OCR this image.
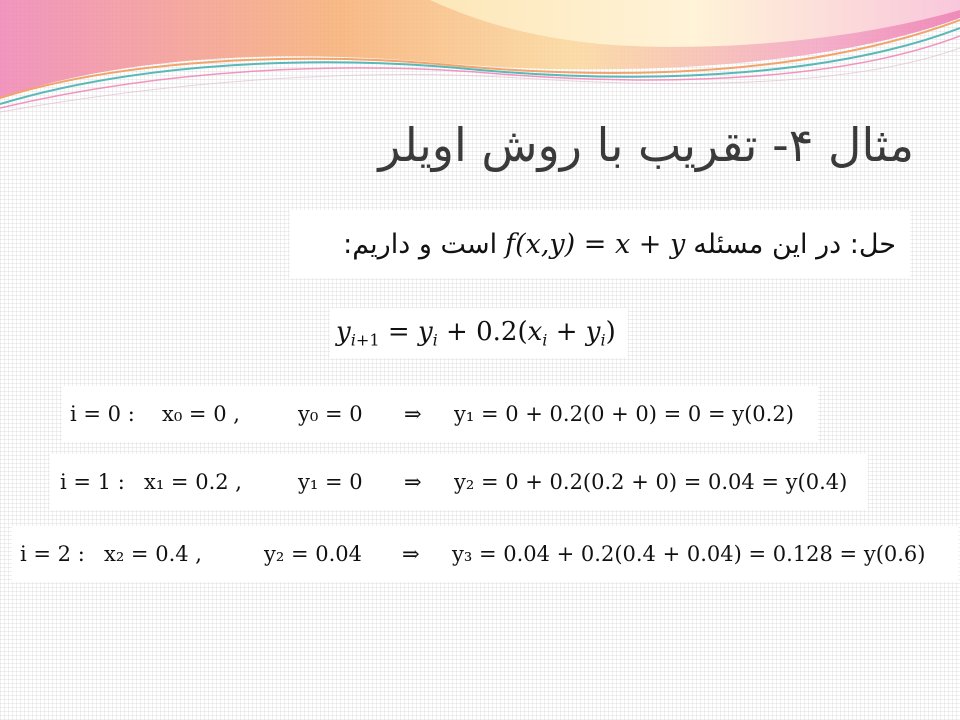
مثال ۴- تقریب با روش اویلر
حل: در این مسئله
f(x,y) = x + y
است و داریم:
$y_{i+1} = y_i + 0.2(x_i + y_i)$
i = 0 : x₀ = 0 ,	y₀ = 0 ⇒ y₁ = 0 + 0.2(0 + 0) = 0 = y(0.2)
i = 1 : x₁ = 0.2 ,	y₁ = 0 ⇒ y₂ = 0 + 0.2(0.2 + 0) = 0.04 = y(0.4)
i = 2 : x₂ = 0.4 ,	y₂ = 0.04 ⇒ y₃ = 0.04 + 0.2(0.4 + 0.04) = 0.128 = y(0.6)
